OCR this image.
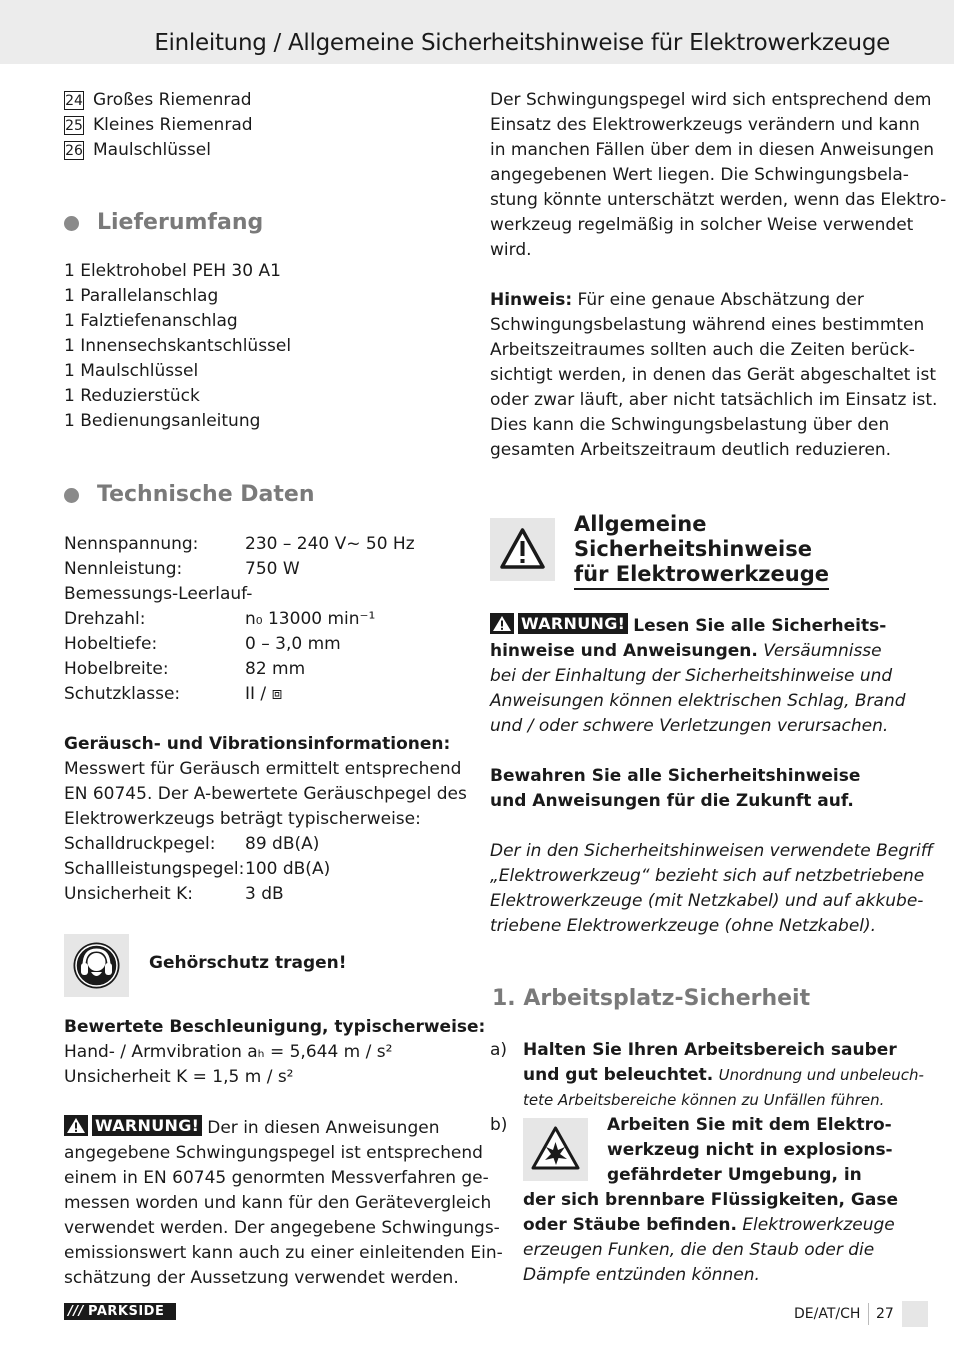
Einleitung / Allgemeine Sicherheitshinweise für Elektrowerkzeuge

24 Großes Riemenrad

25 Kleines Riemenrad

26 Maulschlüssel

Lieferumfang

1 Elektrohobel PEH 30 A1

1 Parallelanschlag

1 Falztiefenanschlag

1 Innensechskantschlüssel

1 Maulschlüssel

1 Reduzierstück

1 Bedienungsanleitung

Technische Daten
Nennspannung:	230 – 240 V~ 50 Hz
Nennleistung:	750 W
Bemessungs-Leerlauf-
Drehzahl:	n₀ 13000 min⁻¹
Hobeltiefe:	0 – 3,0 mm
Hobelbreite:	82 mm
Schutzklasse:	II / ⧈

Geräusch- und Vibrationsinformationen:

Messwert für Geräusch ermittelt entsprechend

EN 60745. Der A-bewertete Geräuschpegel des

Elektrowerkzeugs beträgt typischerweise:

Schalldruckpegel:	89 dB(A)
Schallleistungspegel: 100 dB(A)
Unsicherheit K:	3 dB

Bewertete Beschleunigung, typischerweise:

Hand- / Armvibration aₕ = 5,644 m / s²

Unsicherheit K = 1,5 m / s²

WARNUNG! Der in diesen Anweisungen

angegebene Schwingungspegel ist entsprechend

einem in EN 60745 genormten Messverfahren ge-

messen worden und kann für den Gerätevergleich

verwendet werden. Der angegebene Schwingungs-

emissionswert kann auch zu einer einleitenden Ein-

schätzung der Aussetzung verwendet werden.

Gehörschutz tragen!

Der Schwingungspegel wird sich entsprechend dem

Einsatz des Elektrowerkzeugs verändern und kann

in manchen Fällen über dem in diesen Anweisungen

angegebenen Wert liegen. Die Schwingungsbela-

stung könnte unterschätzt werden, wenn das Elektro-

werkzeug regelmäßig in solcher Weise verwendet

wird.

Hinweis: Für eine genaue Abschätzung der

Schwingungsbelastung während eines bestimmten

Arbeitszeitraumes sollten auch die Zeiten berück-

sichtigt werden, in denen das Gerät abgeschaltet ist

oder zwar läuft, aber nicht tatsächlich im Einsatz ist.

Dies kann die Schwingungsbelastung über den

gesamten Arbeitszeitraum deutlich reduzieren.

Allgemeine
Sicherheitshinweise
für Elektrowerkzeuge

WARNUNG! Lesen Sie alle Sicherheits-

hinweise und Anweisungen. Versäumnisse

bei der Einhaltung der Sicherheitshinweise und

Anweisungen können elektrischen Schlag, Brand

und / oder schwere Verletzungen verursachen.

Bewahren Sie alle Sicherheitshinweise

und Anweisungen für die Zukunft auf.

Der in den Sicherheitshinweisen verwendete Begriff

„Elektrowerkzeug“ bezieht sich auf netzbetriebene

Elektrowerkzeuge (mit Netzkabel) und auf akkube-

triebene Elektrowerkzeuge (ohne Netzkabel).

1. Arbeitsplatz-Sicherheit
a) Halten Sie Ihren Arbeitsbereich sauber

und gut beleuchtet. Unordnung und unbeleuch-

tete Arbeitsbereiche können zu Unfällen führen.

b)	Arbeiten Sie mit dem Elektro-

werkzeug nicht in explosions-

gefährdeter Umgebung, in

der sich brennbare Flüssigkeiten, Gase

oder Stäube befinden. Elektrowerkzeuge

erzeugen Funken, die den Staub oder die

Dämpfe entzünden können.

/// PARKSIDE	DE/AT/CH 27
